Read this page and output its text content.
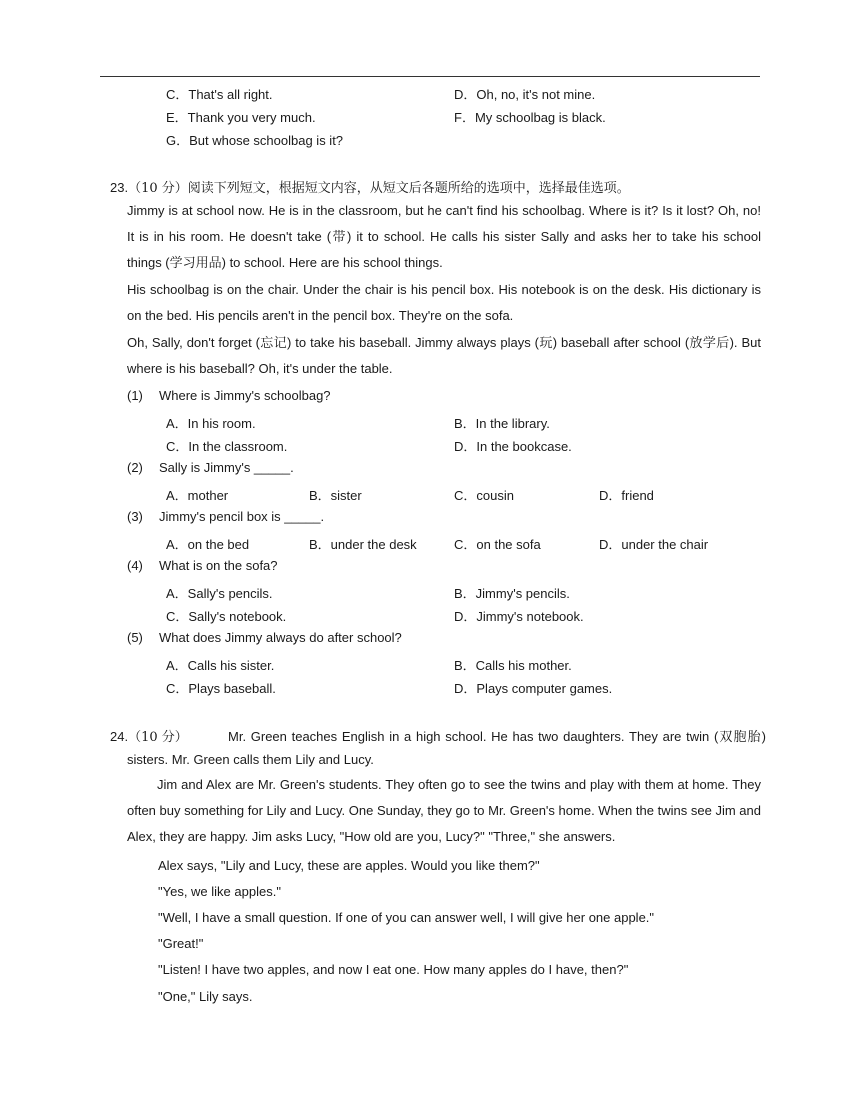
C．That's all right.	D．Oh, no, it's not mine.
E．Thank you very much.	F．My schoolbag is black.
G．But whose schoolbag is it?
23.（10 分）阅读下列短文，根据短文内容，从短文后各题所给的选项中，选择最佳选项。
Jimmy is at school now. He is in the classroom, but he can't find his schoolbag. Where is it? Is it lost? Oh, no! It is in his room. He doesn't take (带) it to school. He calls his sister Sally and asks her to take his school things (学习用品) to school. Here are his school things.
His schoolbag is on the chair. Under the chair is his pencil box. His notebook is on the desk. His dictionary is on the bed. His pencils aren't in the pencil box. They're on the sofa.
Oh, Sally, don't forget (忘记) to take his baseball. Jimmy always plays (玩) baseball after school (放学后). But where is his baseball? Oh, it's under the table.
(1) Where is Jimmy's schoolbag?
A．In his room.	B．In the library.
C．In the classroom.	D．In the bookcase.
(2) Sally is Jimmy's _____.
A．mother	B．sister	C．cousin	D．friend
(3) Jimmy's pencil box is _____.
A．on the bed	B．under the desk	C．on the sofa	D．under the chair
(4) What is on the sofa?
A．Sally's pencils.	B．Jimmy's pencils.
C．Sally's notebook.	D．Jimmy's notebook.
(5) What does Jimmy always do after school?
A．Calls his sister.	B．Calls his mother.
C．Plays baseball.	D．Plays computer games.
24.（10 分）	Mr. Green teaches English in a high school. He has two daughters. They are twin (双胞胎)
sisters. Mr. Green calls them Lily and Lucy.
Jim and Alex are Mr. Green's students. They often go to see the twins and play with them at home. They often buy something for Lily and Lucy. One Sunday, they go to Mr. Green's home. When the twins see Jim and Alex, they are happy. Jim asks Lucy, "How old are you, Lucy?" "Three," she answers.
Alex says, "Lily and Lucy, these are apples. Would you like them?"
"Yes, we like apples."
"Well, I have a small question. If one of you can answer well, I will give her one apple."
"Great!"
"Listen! I have two apples, and now I eat one. How many apples do I have, then?"
"One," Lily says.
